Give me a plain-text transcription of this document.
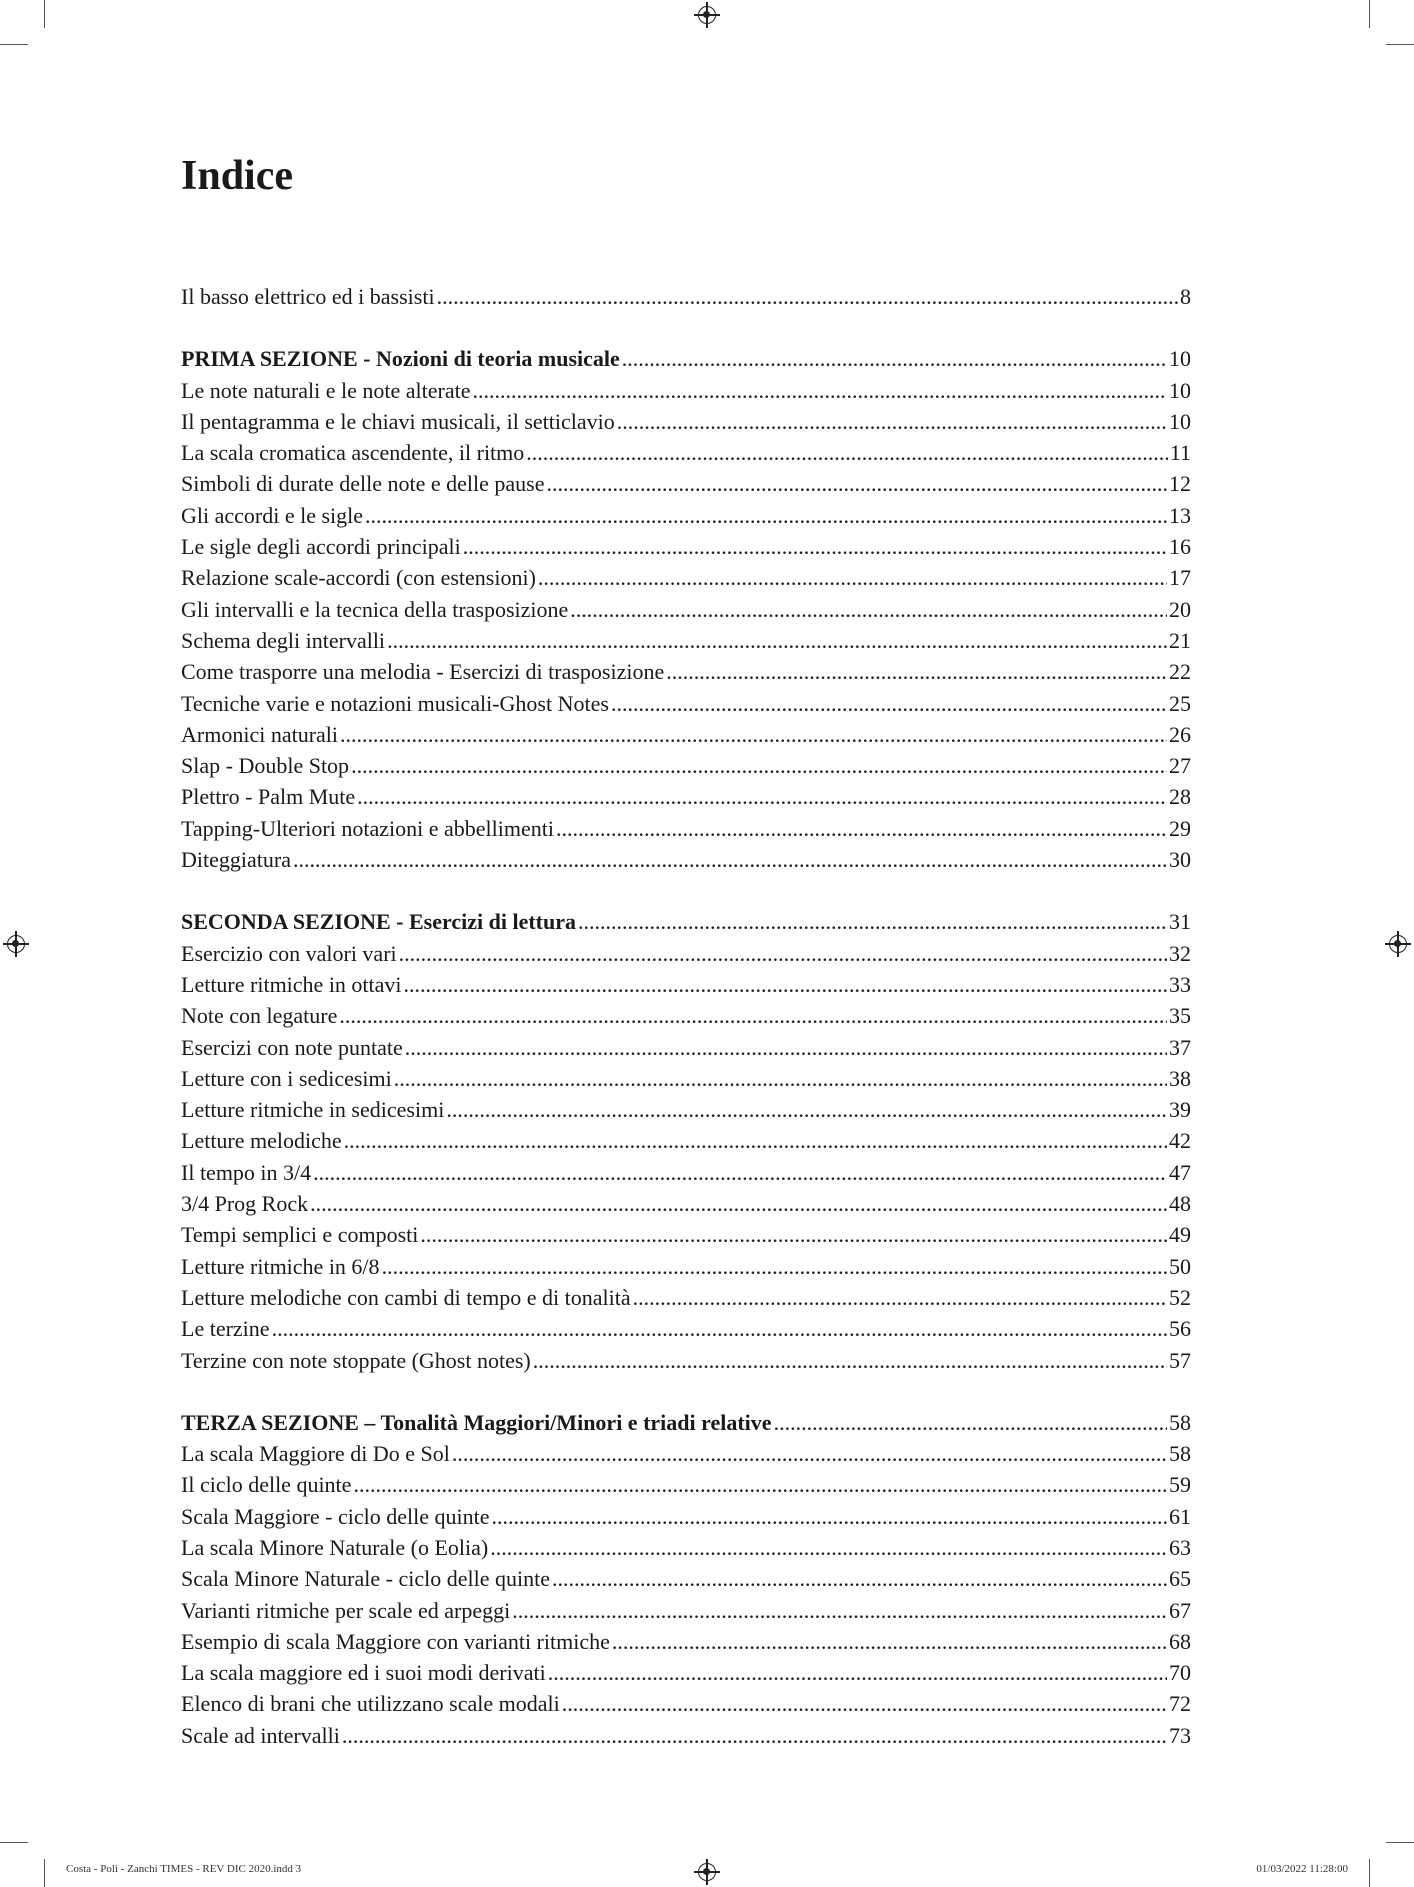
Indice
Il basso elettrico ed i bassisti .....	8
PRIMA SEZIONE - Nozioni di teoria musicale .....	10
Le note naturali e le note alterate .....	10
Il pentagramma e le chiavi musicali, il setticlavio .....	10
La scala cromatica ascendente, il ritmo .....	11
Simboli di durate delle note e delle pause .....	12
Gli accordi e le sigle .....	13
Le sigle degli accordi principali .....	16
Relazione scale-accordi (con estensioni) .....	17
Gli intervalli e la tecnica della trasposizione .....	20
Schema degli intervalli .....	21
Come trasporre una melodia - Esercizi di trasposizione .....	22
Tecniche varie e notazioni musicali-Ghost Notes .....	25
Armonici naturali .....	26
Slap - Double Stop .....	27
Plettro - Palm Mute .....	28
Tapping-Ulteriori notazioni e abbellimenti .....	29
Diteggiatura .....	30
SECONDA SEZIONE - Esercizi di lettura .....	31
Esercizio con valori vari .....	32
Letture ritmiche in ottavi .....	33
Note con legature .....	35
Esercizi con note puntate .....	37
Letture con i sedicesimi .....	38
Letture ritmiche in sedicesimi .....	39
Letture melodiche .....	42
Il tempo in 3/4 .....	47
3/4 Prog Rock .....	48
Tempi semplici e composti .....	49
Letture ritmiche in 6/8 .....	50
Letture melodiche con cambi di tempo e di tonalità .....	52
Le terzine .....	56
Terzine con note stoppate (Ghost notes) .....	57
TERZA SEZIONE – Tonalità Maggiori/Minori e triadi relative .....	58
La scala Maggiore di Do e Sol .....	58
Il ciclo delle quinte .....	59
Scala Maggiore - ciclo delle quinte .....	61
La scala Minore Naturale (o Eolia) .....	63
Scala Minore Naturale - ciclo delle quinte .....	65
Varianti ritmiche per scale ed arpeggi .....	67
Esempio di scala Maggiore con varianti ritmiche .....	68
La scala maggiore ed i suoi modi derivati .....	70
Elenco di brani che utilizzano scale modali .....	72
Scale ad intervalli .....	73
Costa - Poli - Zanchi TIMES - REV DIC 2020.indd 3	01/03/2022 11:28:00
